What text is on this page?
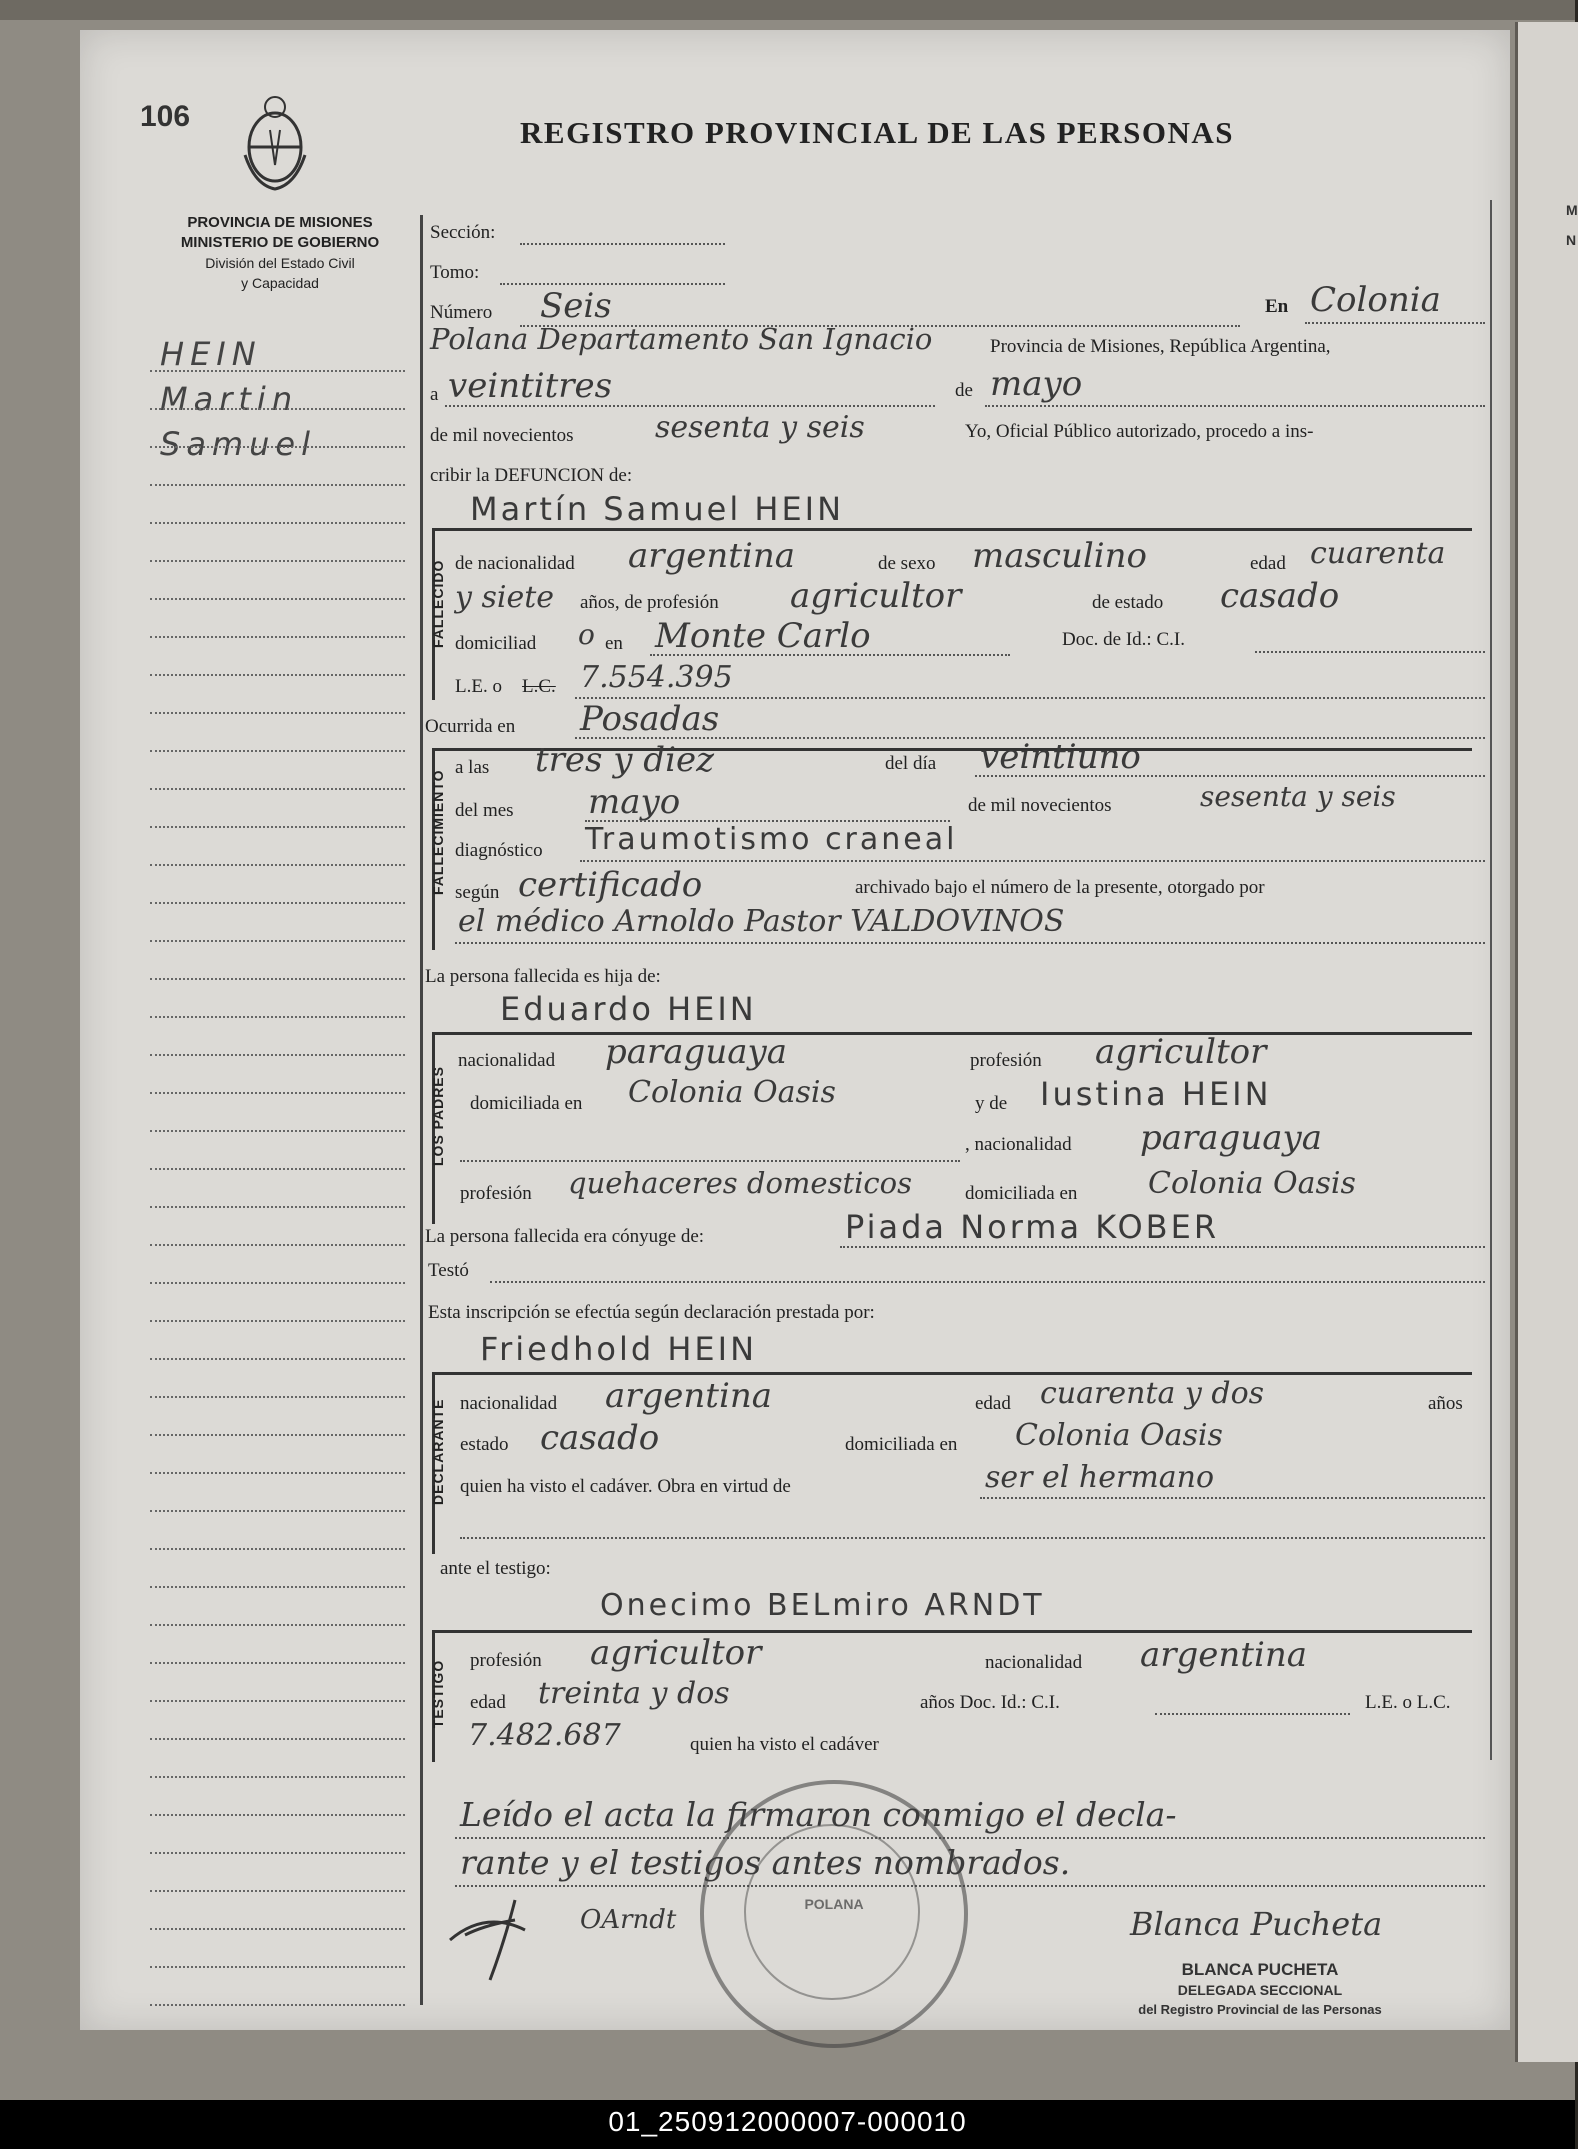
M
N
106	REGISTRO PROVINCIAL DE LAS PERSONAS
PROVINCIA DE MISIONES
MINISTERIO DE GOBIERNO
División del Estado Civil
y Capacidad
HEIN
Martin
Samuel
Sección:
Tomo:
Número Seis	En Colonia
Polana Departamento San Ignacio	Provincia de Misiones, República Argentina,
a veintitres	de mayo
de mil novecientos	sesenta y seis	Yo, Oficial Público autorizado, procedo a ins-
cribir la DEFUNCION de:
FALLECIDO
Martín Samuel HEIN
de nacionalidad argentina	de sexo masculino	edad cuarenta
y siete años, de profesión agricultor	de estado casado
domiciliad o en Monte Carlo	Doc. de Id.: C.I.
L.E. o L.C. 7.554.395
Ocurrida en Posadas
FALLECIMIENTO
a las tres y diez	del día veintiuno
del mes mayo	de mil novecientos	sesenta y seis
diagnóstico Traumotismo craneal
según certificado	archivado bajo el número de la presente, otorgado por
el médico Arnoldo Pastor VALDOVINOS
La persona fallecida es hija de:
Eduardo HEIN
LOS PADRES
nacionalidad paraguaya	profesión agricultor
domiciliada en Colonia Oasis	y de Iustina HEIN
, nacionalidad paraguaya
profesión quehaceres domesticos	domiciliada en Colonia Oasis
La persona fallecida era cónyuge de:	Piada Norma KOBER
Testó
Esta inscripción se efectúa según declaración prestada por:
Friedhold HEIN
DECLARANTE nacionalidad argentina	edad cuarenta y dos	años
estado casado	domiciliada en Colonia Oasis
quien ha visto el cadáver. Obra en virtud de	ser el hermano
ante el testigo:
Onecimo BELmiro ARNDT
TESTIGO profesión agricultor	nacionalidad argentina
edad treinta y dos	años Doc. Id.: C.I.	L.E. o L.C.
7.482.687	quien ha visto el cadáver
Leído el acta la firmaron conmigo el decla-
rante y el testigos antes nombrados.
OArndt	Blanca Pucheta
POLANA
BLANCA PUCHETA
DELEGADA SECCIONAL
del Registro Provincial de las Personas
01_250912000007-000010
